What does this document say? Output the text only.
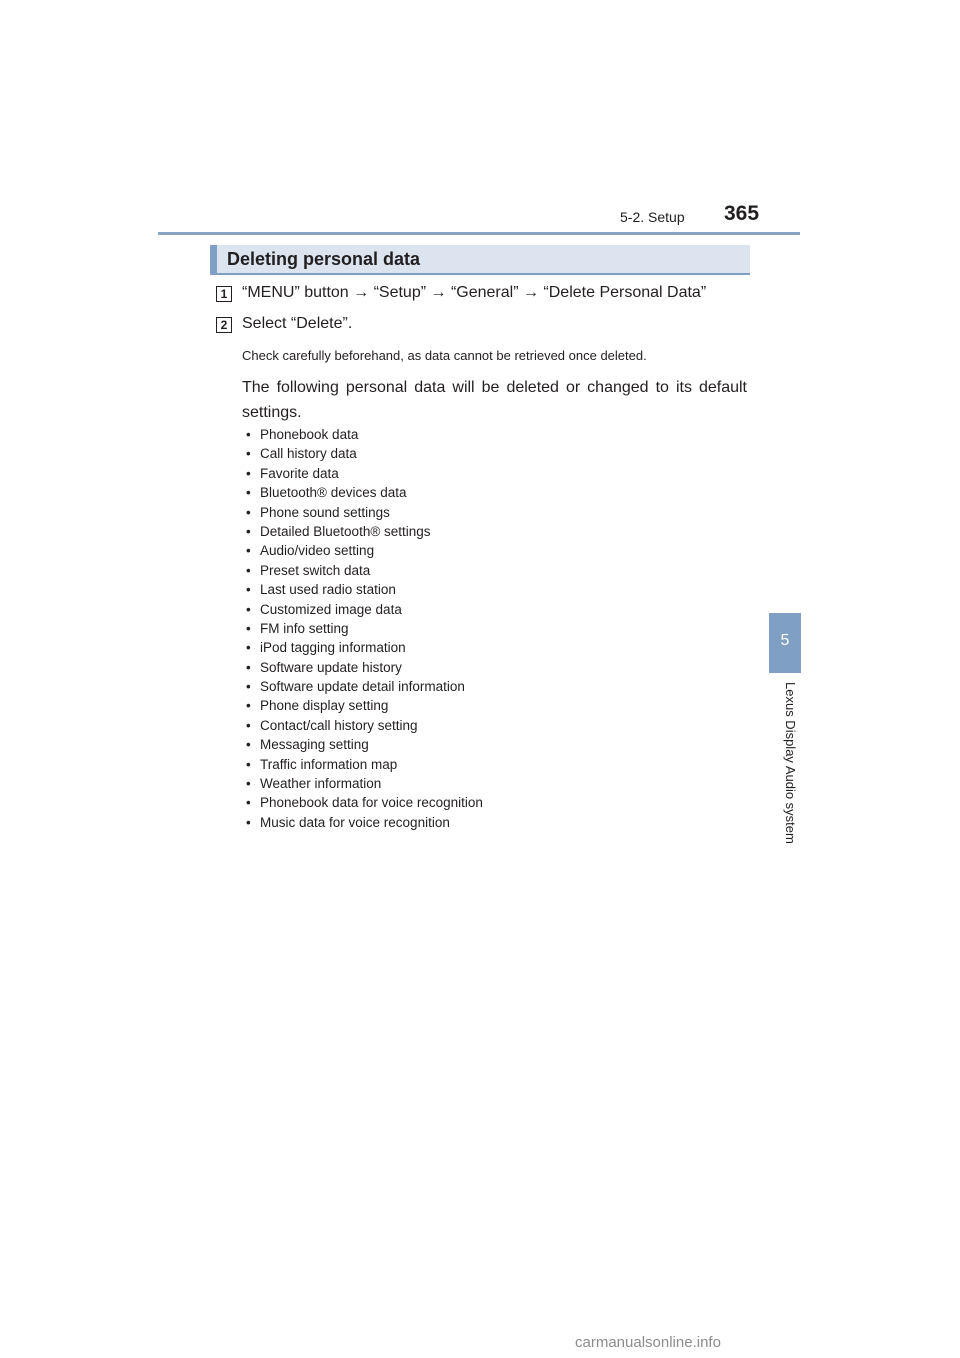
5-2. Setup 365
5
Lexus Display Audio system
Deleting personal data
1 “MENU” button → “Setup” → “General” → “Delete Personal Data”
2 Select “Delete”.
Check carefully beforehand, as data cannot be retrieved once deleted.
The following personal data will be deleted or changed to its default settings.
• Phonebook data
• Call history data
• Favorite data
• Bluetooth® devices data
• Phone sound settings
• Detailed Bluetooth® settings
• Audio/video setting
• Preset switch data
• Last used radio station
• Customized image data
• FM info setting
• iPod tagging information
• Software update history
• Software update detail information
• Phone display setting
• Contact/call history setting
• Messaging setting
• Traffic information map
• Weather information
• Phonebook data for voice recognition
• Music data for voice recognition
carmanualsonline.info
